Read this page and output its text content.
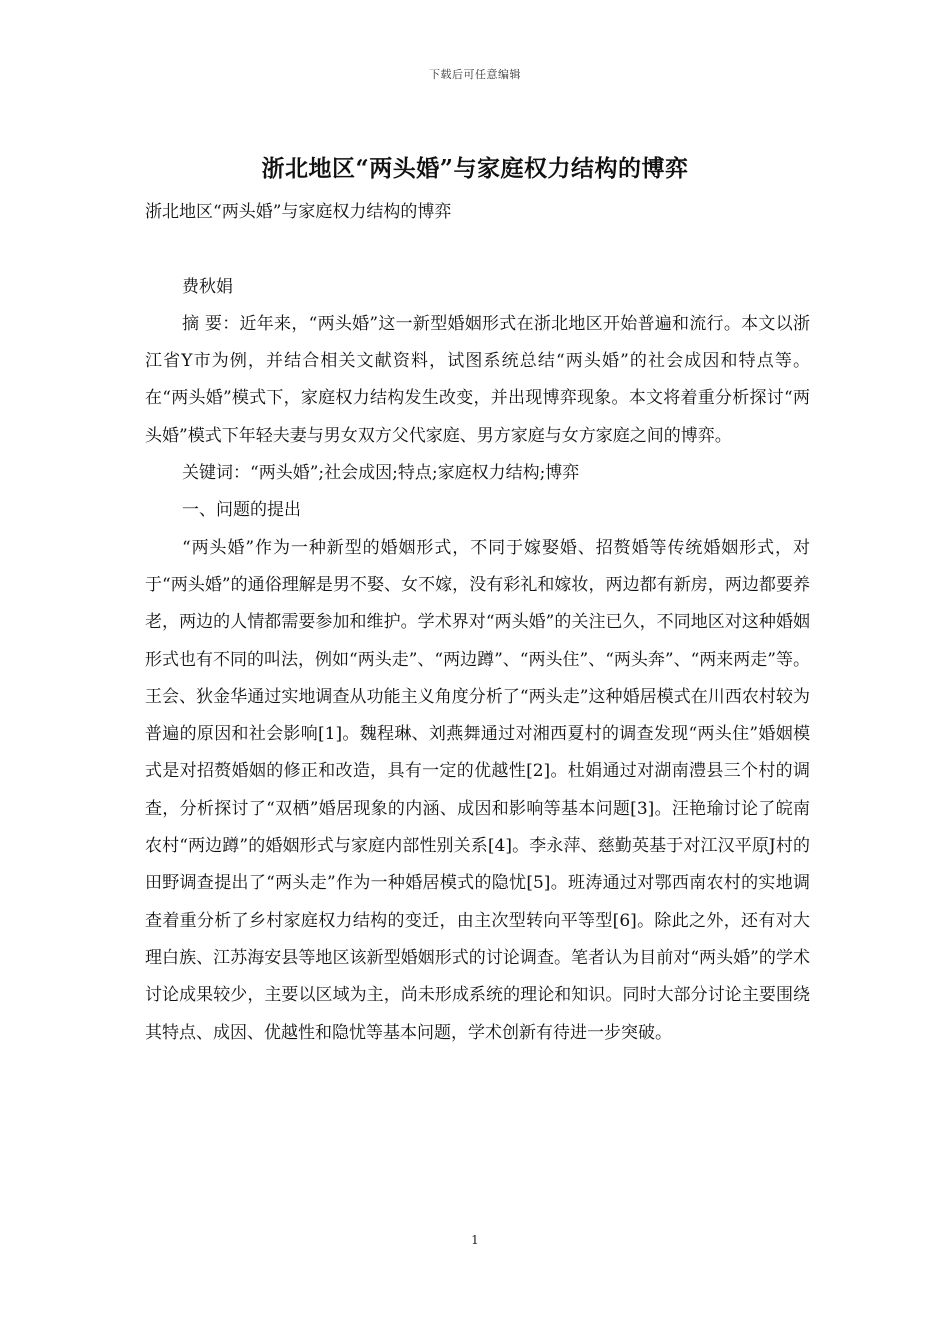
下载后可任意编辑
浙北地区“两头婚”与家庭权力结构的博弈

浙北地区“两头婚”与家庭权力结构的博弈

费秋娟

摘 要：近年来，“两头婚”这一新型婚姻形式在浙北地区开始普遍和流行。本文以浙江省Y市为例，并结合相关文献资料，试图系统总结“两头婚”的社会成因和特点等。在“两头婚”模式下，家庭权力结构发生改变，并出现博弈现象。本文将着重分析探讨“两头婚”模式下年轻夫妻与男女双方父代家庭、男方家庭与女方家庭之间的博弈。

关键词：“两头婚”;社会成因;特点;家庭权力结构;博弈

一、问题的提出

“两头婚”作为一种新型的婚姻形式，不同于嫁娶婚、招赘婚等传统婚姻形式，对于“两头婚”的通俗理解是男不娶、女不嫁，没有彩礼和嫁妆，两边都有新房，两边都要养老，两边的人情都需要参加和维护。学术界对“两头婚”的关注已久，不同地区对这种婚姻形式也有不同的叫法，例如“两头走”、“两边蹲”、“两头住”、“两头奔”、“两来两走”等。王会、狄金华通过实地调查从功能主义角度分析了“两头走”这种婚居模式在川西农村较为普遍的原因和社会影响[1]。魏程琳、刘燕舞通过对湘西夏村的调查发现“两头住”婚姻模式是对招赘婚姻的修正和改造，具有一定的优越性[2]。杜娟通过对湖南澧县三个村的调查，分析探讨了“双栖”婚居现象的内涵、成因和影响等基本问题[3]。汪艳瑜讨论了皖南农村“两边蹲”的婚姻形式与家庭内部性别关系[4]。李永萍、慈勤英基于对江汉平原J村的田野调查提出了“两头走”作为一种婚居模式的隐忧[5]。班涛通过对鄂西南农村的实地调查着重分析了乡村家庭权力结构的变迁，由主次型转向平等型[6]。除此之外，还有对大理白族、江苏海安县等地区该新型婚姻形式的讨论调查。笔者认为目前对“两头婚”的学术讨论成果较少，主要以区域为主，尚未形成系统的理论和知识。同时大部分讨论主要围绕其特点、成因、优越性和隐忧等基本问题，学术创新有待进一步突破。

1
